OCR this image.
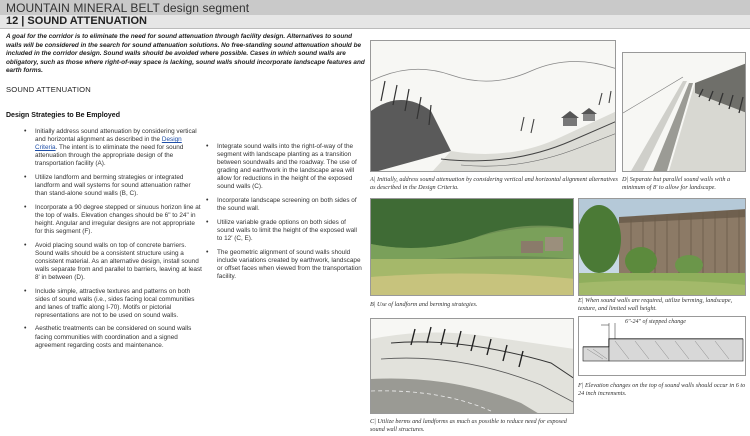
MOUNTAIN MINERAL BELT design segment
12 | SOUND ATTENUATION

A goal for the corridor is to eliminate the need for sound attenuation through facility design. Alternatives to sound walls will be considered in the search for sound attenuation solutions. No free-standing sound attenuation should be included in the corridor design. Sound walls should be avoided where possible. Cases in which sound walls are obligatory, such as those where right-of-way space is lacking, sound walls should incorporate landscape features and earth forms.

SOUND ATTENUATION
Design Strategies to Be Employed
• Initially address sound attenuation by considering vertical and horizontal alignment as described in the Design Criteria. The intent is to eliminate the need for sound attenuation through the appropriate design of the transportation facility (A).
• Utilize landform and berming strategies or integrated landform and wall systems for sound attenuation rather than stand-alone sound walls (B, C).
• Incorporate a 90 degree stepped or sinuous horizon line at the top of walls. Elevation changes should be 6" to 24" in height. Angular and irregular designs are not appropriate for this segment (F).
• Avoid placing sound walls on top of concrete barriers. Sound walls should be a consistent structure using a consistent material. As an alternative design, install sound walls separate from and parallel to barriers, leaving at least 8' in between (D).
• Include simple, attractive textures and patterns on both sides of sound walls (i.e., sides facing local communities and lanes of traffic along I-70). Motifs or pictorial representations are not to be used on sound walls.
• Aesthetic treatments can be considered on sound walls facing communities with coordination and a signed agreement regarding costs and maintenance.
• Integrate sound walls into the right-of-way of the segment with landscape planting as a transition between soundwalls and the roadway. The use of grading and earthwork in the landscape area will allow for reductions in the height of the exposed sound walls (C).
• Incorporate landscape screening on both sides of the sound wall.
• Utilize variable grade options on both sides of sound walls to limit the height of the exposed wall to 12' (C, E).
• The geometric alignment of sound walls should include variations created by earthwork, landscape or offset faces when viewed from the transportation facility.

A| Initially, address sound attenuation by considering vertical and horizontal alignment alternatives as described in the Design Criteria.

D| Separate but parallel sound walls with a minimum of 8' to allow for landscape.

B| Use of landform and berming strategies.

E| When sound walls are required, utilize berming, landscape, texture, and limited wall height.

C| Utilize berms and landforms as much as possible to reduce need for exposed sound wall structures.

6"-24" of stepped change

F| Elevation changes on the top of sound walls should occur in 6 to 24 inch increments.
